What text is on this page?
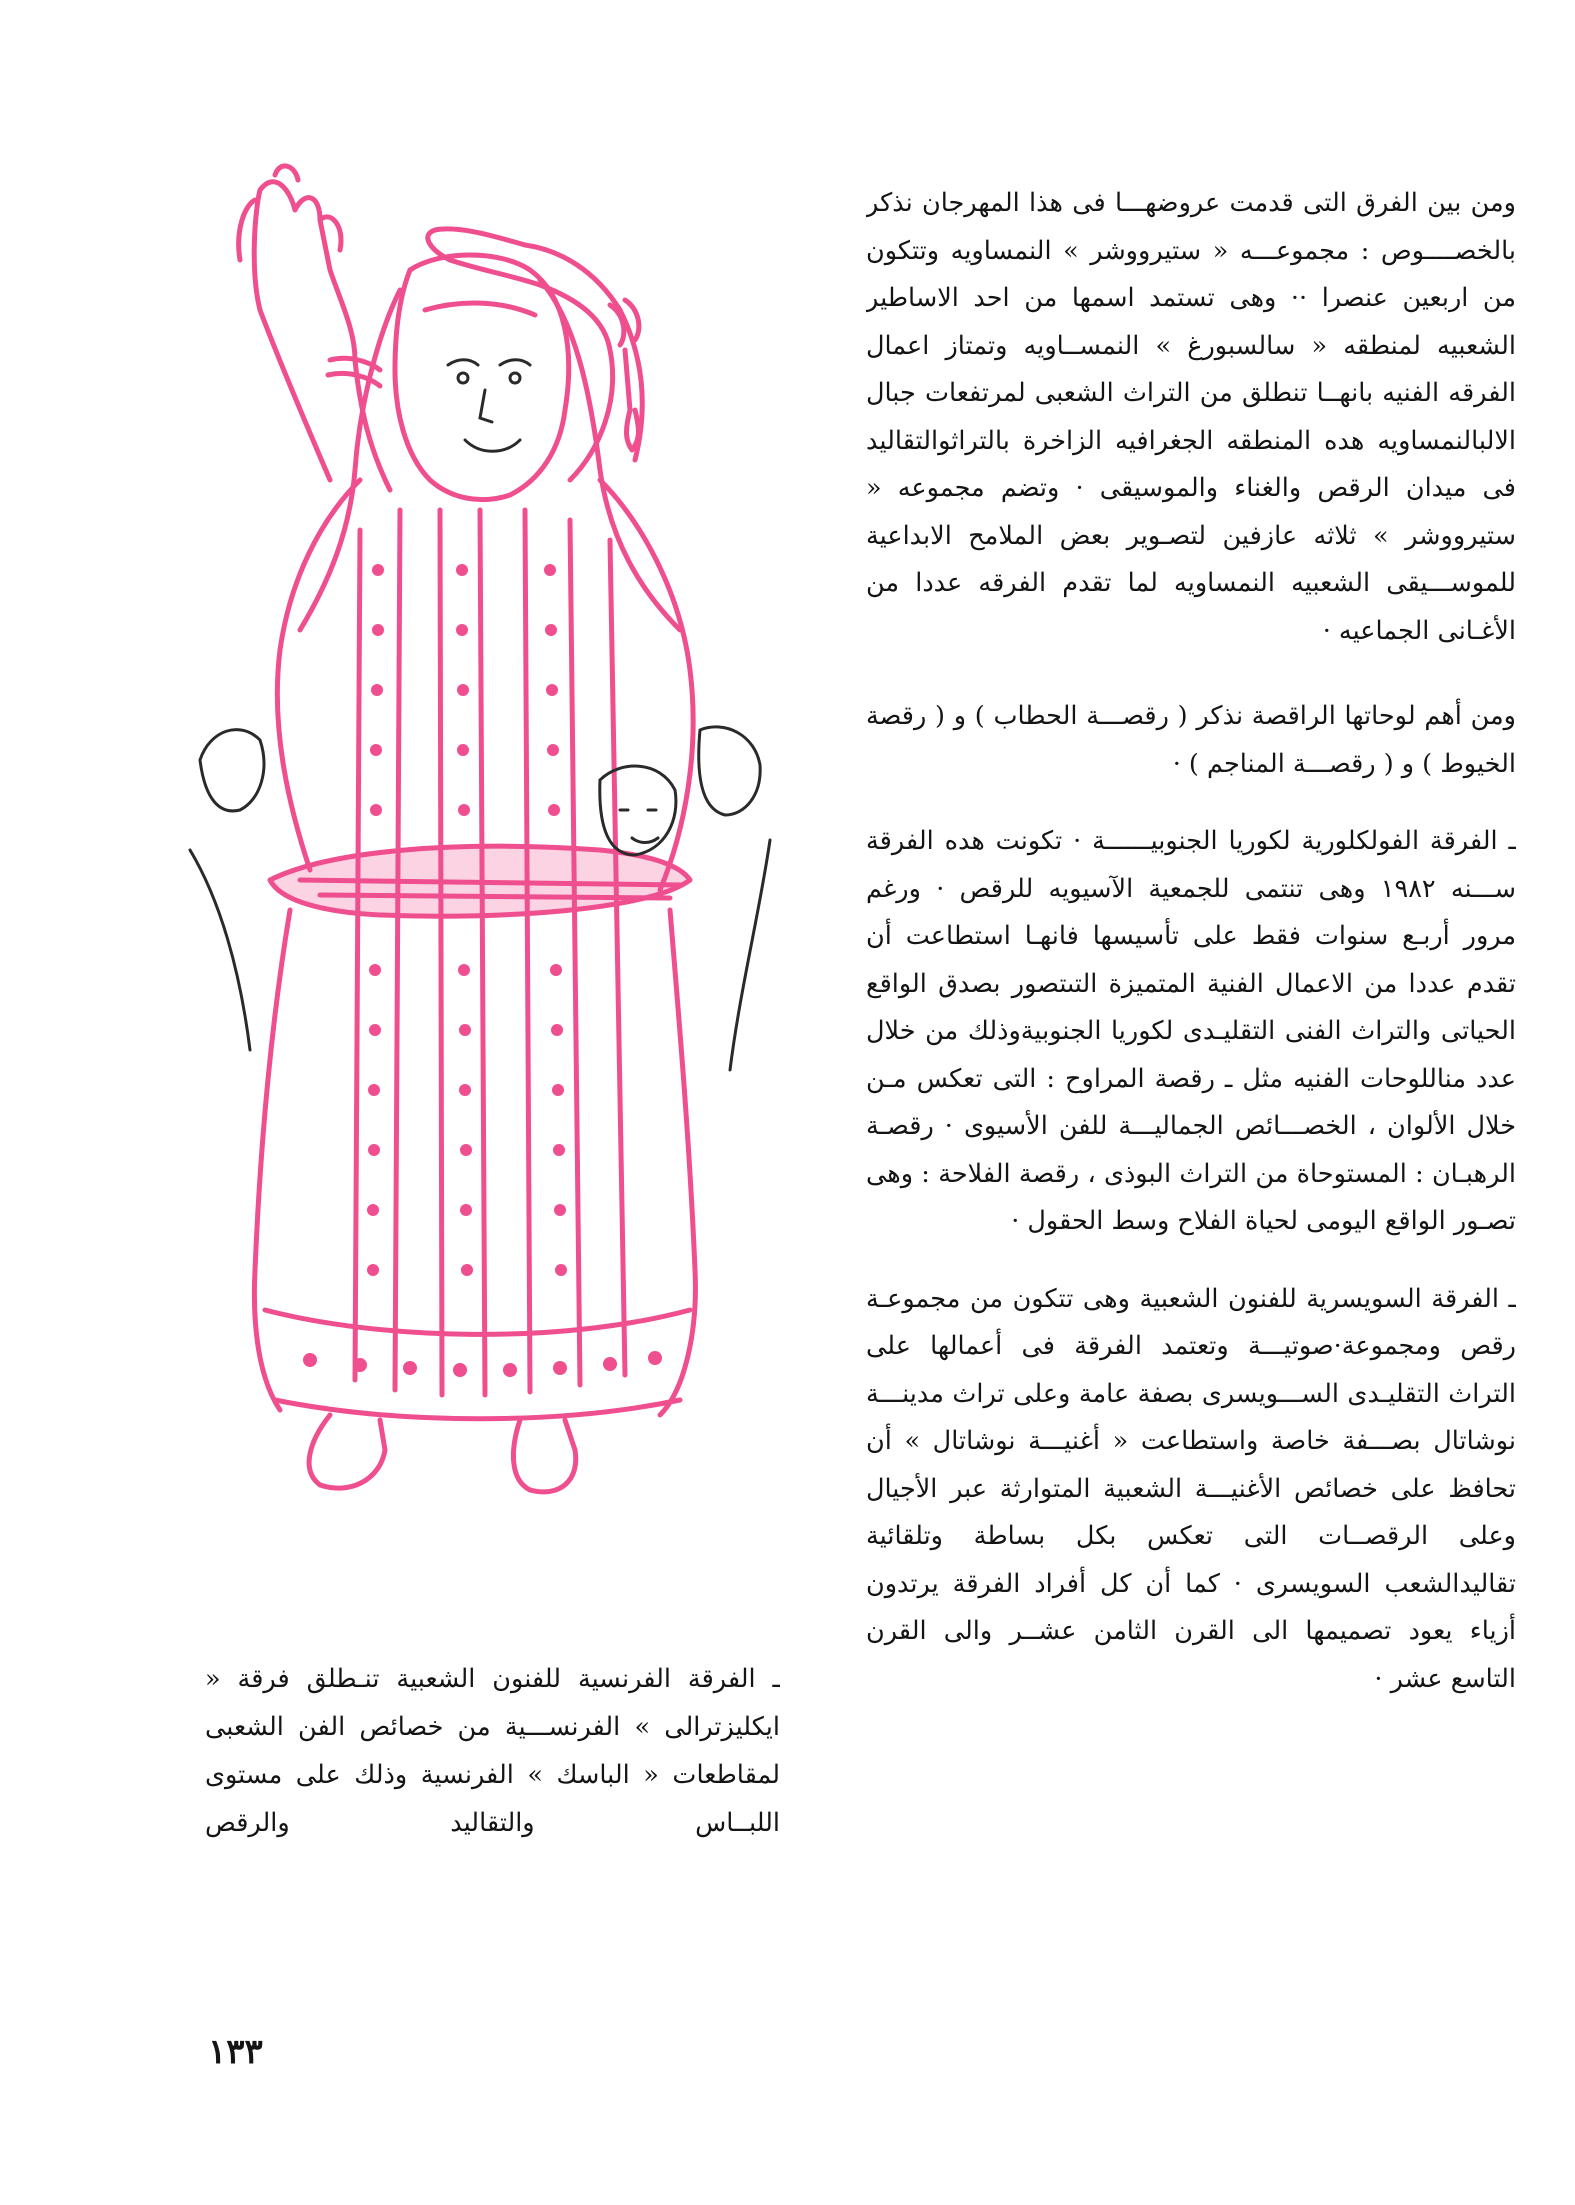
ومن بين الفرق التى قدمت عروضهـــا فى هذا المهرجان نذكر بالخصــــوص : مجموعـــه « ستيرووشر » النمساويه وتتكون من اربعين عنصرا ·· وهى تستمد اسمها من احد الاساطير الشعبيه لمنطقه « سالسبورغ » النمســاويه وتمتاز اعمال الفرقه الفنيه بانهــا تنطلق من التراث الشعبى لمرتفعات جبال الالبالنمساويه هده المنطقه الجغرافيه الزاخرة بالتراثوالتقاليد فى ميدان الرقص والغناء والموسيقى · وتضم مجموعه « ستيرووشر » ثلاثه عازفين لتصـوير بعض الملامح الابداعية للموســـيقى الشعبيه النمساويه لما تقدم الفرقه عددا من الأغـانى الجماعيه ·

ومن أهم لوحاتها الراقصة نذكر ( رقصـــة الحطاب ) و ( رقصة الخيوط ) و ( رقصـــة المناجم ) ·

ـ الفرقة الفولكلورية لكوريا الجنوبيــــــة · تكونت هده الفرقة ســـنه ١٩٨٢ وهى تنتمى للجمعية الآسيويه للرقص · ورغم مرور أربـع سنوات فقط على تأسيسها فانهـا استطاعت أن تقدم عددا من الاعمال الفنية المتميزة التىتصور بصدق الواقع الحياتى والتراث الفنى التقليـدى لكوريا الجنوبيةوذلك من خلال عدد مناللوحات الفنيه مثل ـ رقصة المراوح : التى تعكس مـن خلال الألوان ، الخصـــائص الجماليـــة للفن الأسيوى · رقصـة الرهبـان : المستوحاة من التراث البوذى ، رقصة الفلاحة : وهى تصـور الواقع اليومى لحياة الفلاح وسط الحقول ·

ـ الفرقة السويسرية للفنون الشعبية وهى تتكون من مجموعـة رقص ومجموعة·صوتيـــة وتعتمد الفرقة فى أعمالها على التراث التقليـدى الســـويسرى بصفة عامة وعلى تراث مدينـــة نوشاتال بصـــفة خاصة واستطاعت « أغنيـــة نوشاتال » أن تحافظ على خصائص الأغنيـــة الشعبية المتوارثة عبر الأجيال وعلى الرقصــات التى تعكس بكل بساطة وتلقائية تقاليدالشعب السويسرى · كما أن كل أفراد الفرقة يرتدون أزياء يعود تصميمها الى القرن الثامن عشــر والى القرن التاسع عشر ·

ـ الفرقة الفرنسية للفنون الشعبية تنـطلق فرقة « ايكليزترالى » الفرنســـية من خصائص الفن الشعبى لمقاطعات « الباسك » الفرنسية وذلك على مستوى اللبــاس والتقاليد والرقص

١٣٣
